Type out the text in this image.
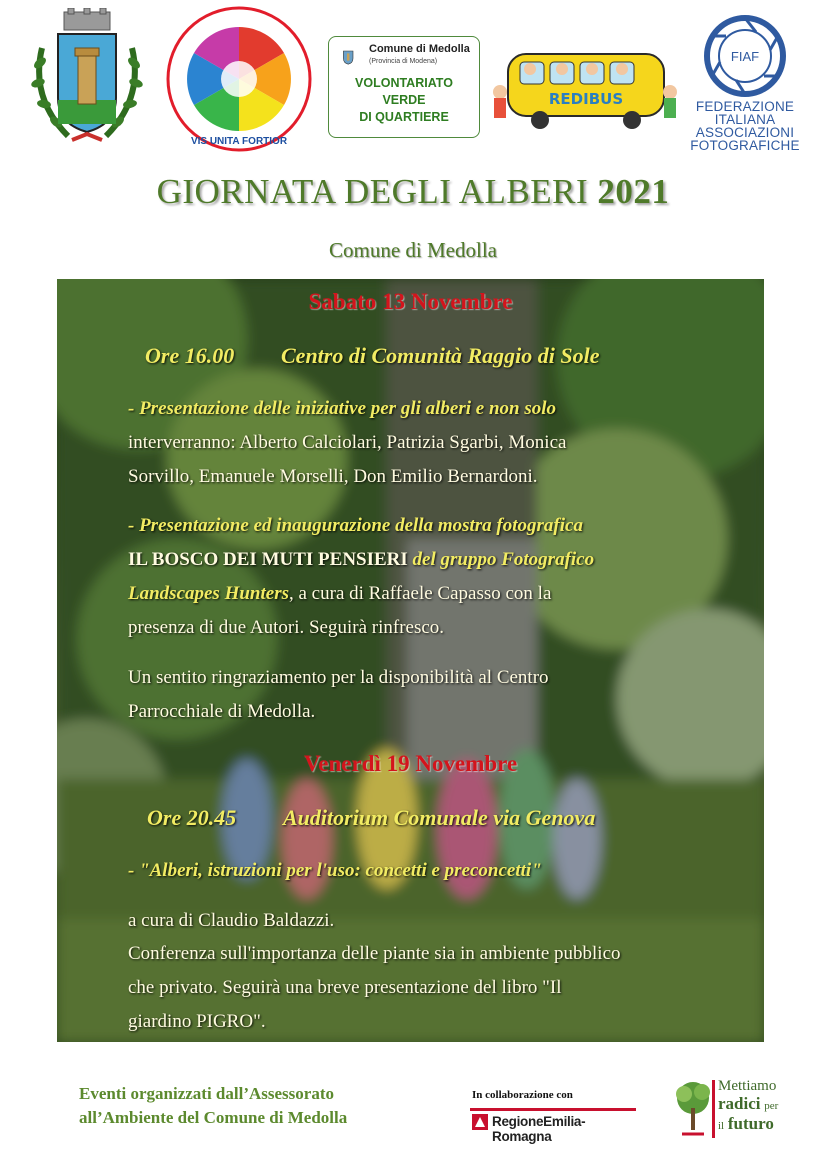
VIS UNITA FORTIOR
Comune di Medolla
(Provincia di Modena)
VOLONTARIATO
VERDE
DI QUARTIERE
REDIBUS
FIAF
FEDERAZIONE
ITALIANA
ASSOCIAZIONI
FOTOGRAFICHE
GIORNATA DEGLI ALBERI 2021
Comune di Medolla
Sabato 13 Novembre
Ore 16.00 Centro di Comunità Raggio di Sole
- Presentazione delle iniziative per gli alberi e non solo
interverranno: Alberto Calciolari, Patrizia Sgarbi, Monica
Sorvillo, Emanuele Morselli, Don Emilio Bernardoni.
- Presentazione ed inaugurazione della mostra fotografica
IL BOSCO DEI MUTI PENSIERI del gruppo Fotografico
Landscapes Hunters, a cura di Raffaele Capasso con la
presenza di due Autori. Seguirà rinfresco.
Un sentito ringraziamento per la disponibilità al Centro
Parrocchiale di Medolla.
Venerdì 19 Novembre
Ore 20.45 Auditorium Comunale via Genova
- "Alberi, istruzioni per l'uso: concetti e preconcetti"
a cura di Claudio Baldazzi.
Conferenza sull'importanza delle piante sia in ambiente pubblico
che privato. Seguirà una breve presentazione del libro "Il
giardino PIGRO".
Eventi organizzati dall’Assessorato
all’Ambiente del Comune di Medolla
In collaborazione con
RegioneEmilia-Romagna
Mettiamo
radici per
il futuro
